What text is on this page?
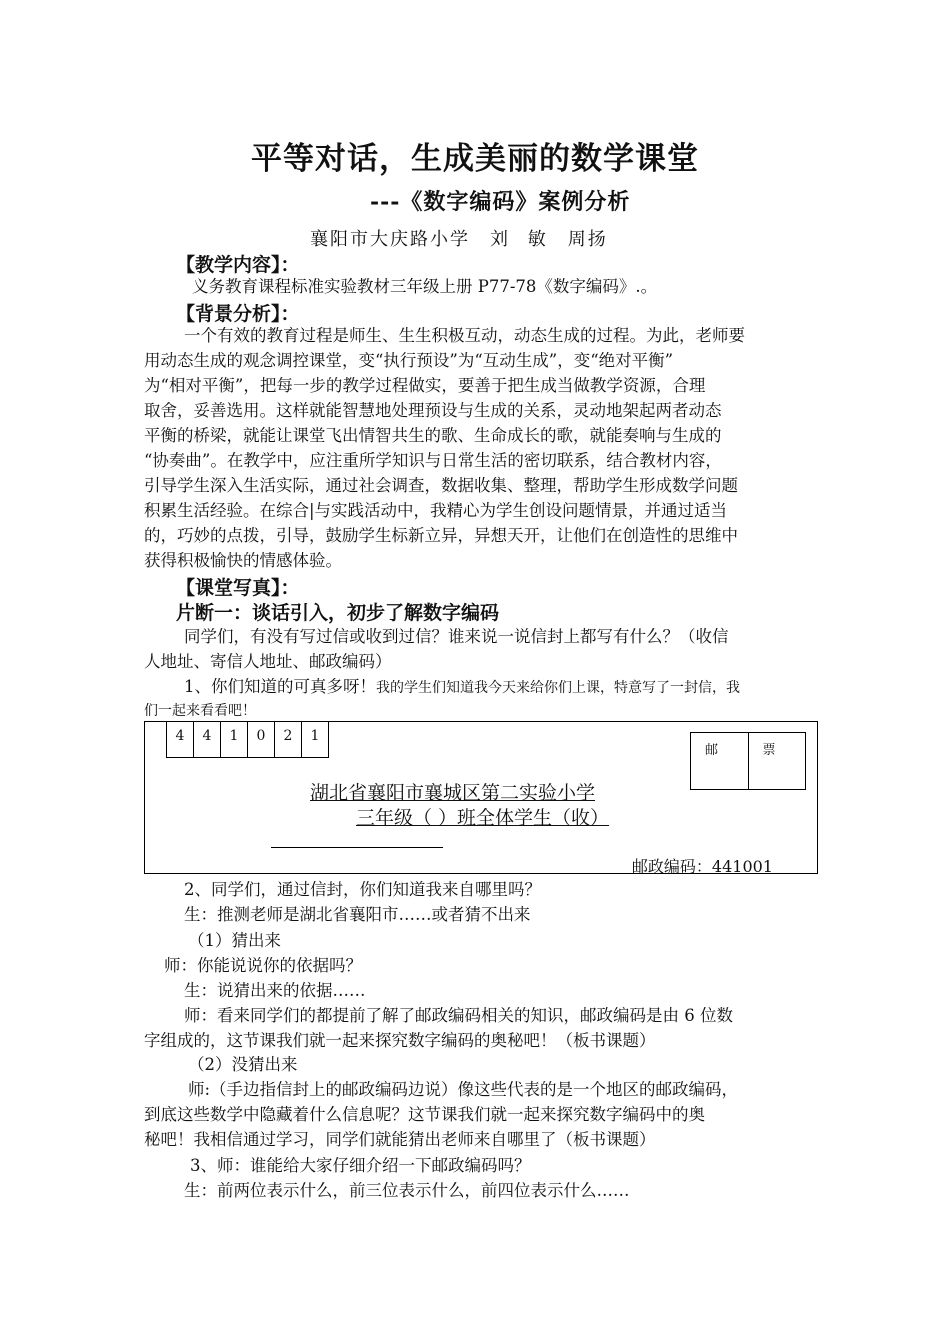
平等对话，生成美丽的数学课堂
---《数字编码》案例分析
襄阳市大庆路小学　刘 敏　周扬
【教学内容】：
义务教育课程标准实验教材三年级上册 P77-78《数字编码》.。
【背景分析】：
一个有效的教育过程是师生、生生积极互动，动态生成的过程。为此，老师要
用动态生成的观念调控课堂，变“执行预设”为“互动生成”，变“绝对平衡”
为“相对平衡”，把每一步的教学过程做实，要善于把生成当做教学资源，合理
取舍，妥善选用。这样就能智慧地处理预设与生成的关系，灵动地架起两者动态
平衡的桥梁，就能让课堂飞出情智共生的歌、生命成长的歌，就能奏响与生成的
“协奏曲”。在教学中，应注重所学知识与日常生活的密切联系，结合教材内容，
引导学生深入生活实际，通过社会调查，数据收集、整理，帮助学生形成数学问题
积累生活经验。在综合|与实践活动中，我精心为学生创设问题情景，并通过适当
的，巧妙的点拨，引导，鼓励学生标新立异，异想天开，让他们在创造性的思维中
获得积极愉快的情感体验。
【课堂写真】：
片断一：谈话引入，初步了解数字编码
同学们，有没有写过信或收到过信？谁来说一说信封上都写有什么？（收信
人地址、寄信人地址、邮政编码）
1、你们知道的可真多呀！我的学生们知道我今天来给你们上课，特意写了一封信，我
们一起来看看吧！
4	4	1	0	2	1
邮	票
湖北省襄阳市襄城区第二实验小学
三年级（ ）班全体学生（收）
邮政编码：441001
2、同学们，通过信封，你们知道我来自哪里吗？
生：推测老师是湖北省襄阳市……或者猜不出来
（1）猜出来
师：你能说说你的依据吗？
生：说猜出来的依据……
师：看来同学们的都提前了解了邮政编码相关的知识，邮政编码是由 6 位数
字组成的，这节课我们就一起来探究数字编码的奥秘吧！（板书课题）
（2）没猜出来
师:（手边指信封上的邮政编码边说）像这些代表的是一个地区的邮政编码，
到底这些数学中隐藏着什么信息呢？这节课我们就一起来探究数字编码中的奥
秘吧！我相信通过学习，同学们就能猜出老师来自哪里了（板书课题）
3、师：谁能给大家仔细介绍一下邮政编码吗？
生：前两位表示什么，前三位表示什么，前四位表示什么……
